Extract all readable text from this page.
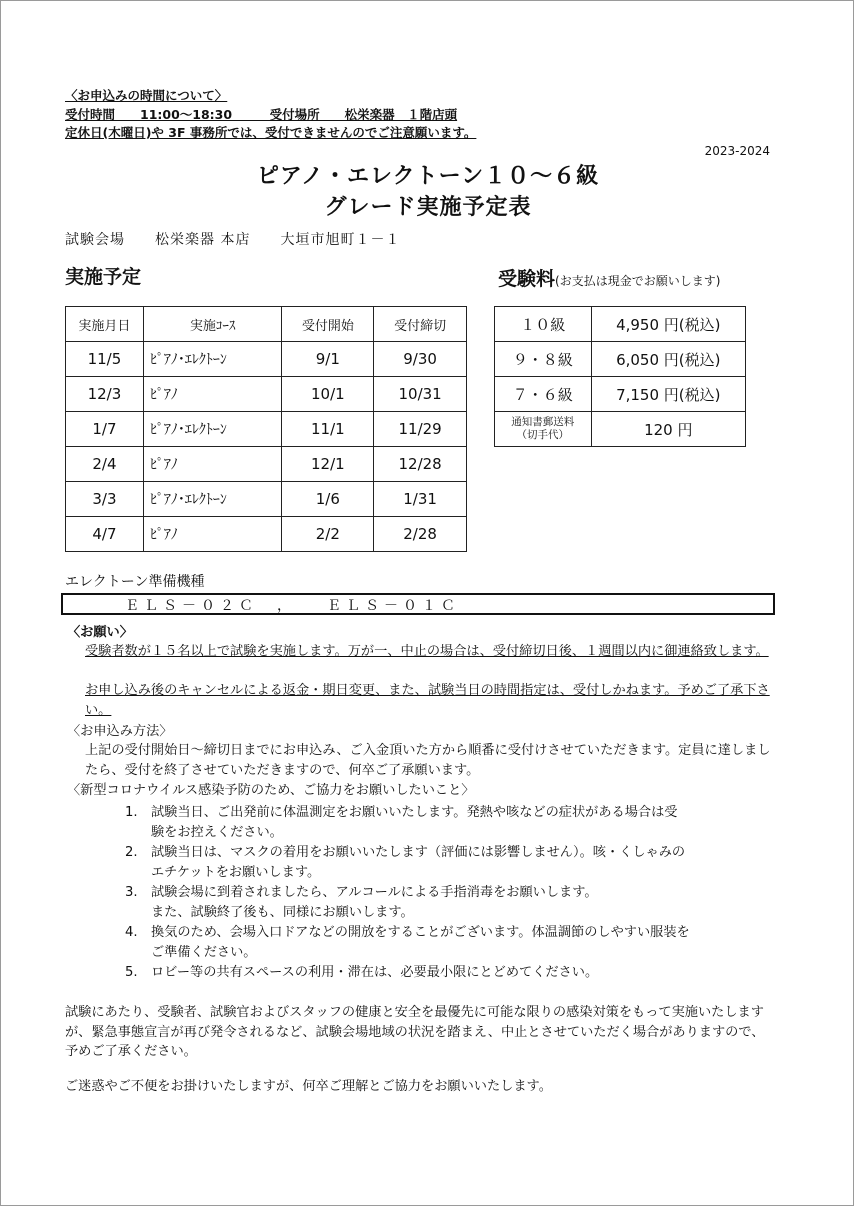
〈お申込みの時間について〉
受付時間　　11:00～18:30　　　受付場所　　松栄楽器　１階店頭
定休日(木曜日)や 3F 事務所では、受付できませんのでご注意願います。
2023-2024
ピアノ・エレクトーン１０～６級
グレード実施予定表
試験会場　　松栄楽器 本店　　大垣市旭町１－１
実施予定	受験料(お支払は現金でお願いします)
実施月日	実施ｺｰｽ	受付開始	受付締切
11/5	ﾋﾟｱﾉ･ｴﾚｸﾄｰﾝ	9/1	9/30
12/3	ﾋﾟｱﾉ	10/1	10/31
1/7	ﾋﾟｱﾉ･ｴﾚｸﾄｰﾝ	11/1	11/29
2/4	ﾋﾟｱﾉ	12/1	12/28
3/3	ﾋﾟｱﾉ･ｴﾚｸﾄｰﾝ	1/6	1/31
4/7	ﾋﾟｱﾉ	2/2	2/28
１０級	4,950 円(税込)
９・８級	6,050 円(税込)
７・６級	7,150 円(税込)

通知書郵送料
（切手代）	120 円
エレクトーン準備機種
ＥＬＳ－０２Ｃ　，　　ＥＬＳ－０１Ｃ
〈お願い〉
受験者数が１５名以上で試験を実施します。万が一、中止の場合は、受付締切日後、１週間以内に御連絡致します。
お申し込み後のキャンセルによる返金・期日変更、また、試験当日の時間指定は、受付しかねます。予めご了承下さい。
〈お申込み方法〉
上記の受付開始日～締切日までにお申込み、ご入金頂いた方から順番に受付けさせていただきます。定員に達しましたら、受付を終了させていただきますので、何卒ご了承願います。
〈新型コロナウイルス感染予防のため、ご協力をお願いしたいこと〉
1. 試験当日、ご出発前に体温測定をお願いいたします。発熱や咳などの症状がある場合は受
験をお控えください。
2. 試験当日は、マスクの着用をお願いいたします（評価には影響しません）。咳・くしゃみの
エチケットをお願いします。
3. 試験会場に到着されましたら、アルコールによる手指消毒をお願いします。
また、試験終了後も、同様にお願いします。
4. 換気のため、会場入口ドアなどの開放をすることがございます。体温調節のしやすい服装を
ご準備ください。
5. ロビー等の共有スペースの利用・滞在は、必要最小限にとどめてください。
試験にあたり、受験者、試験官およびスタッフの健康と安全を最優先に可能な限りの感染対策をもって実施いたしますが、緊急事態宣言が再び発令されるなど、試験会場地域の状況を踏まえ、中止とさせていただく場合がありますので、予めご了承ください。
ご迷惑やご不便をお掛けいたしますが、何卒ご理解とご協力をお願いいたします。
